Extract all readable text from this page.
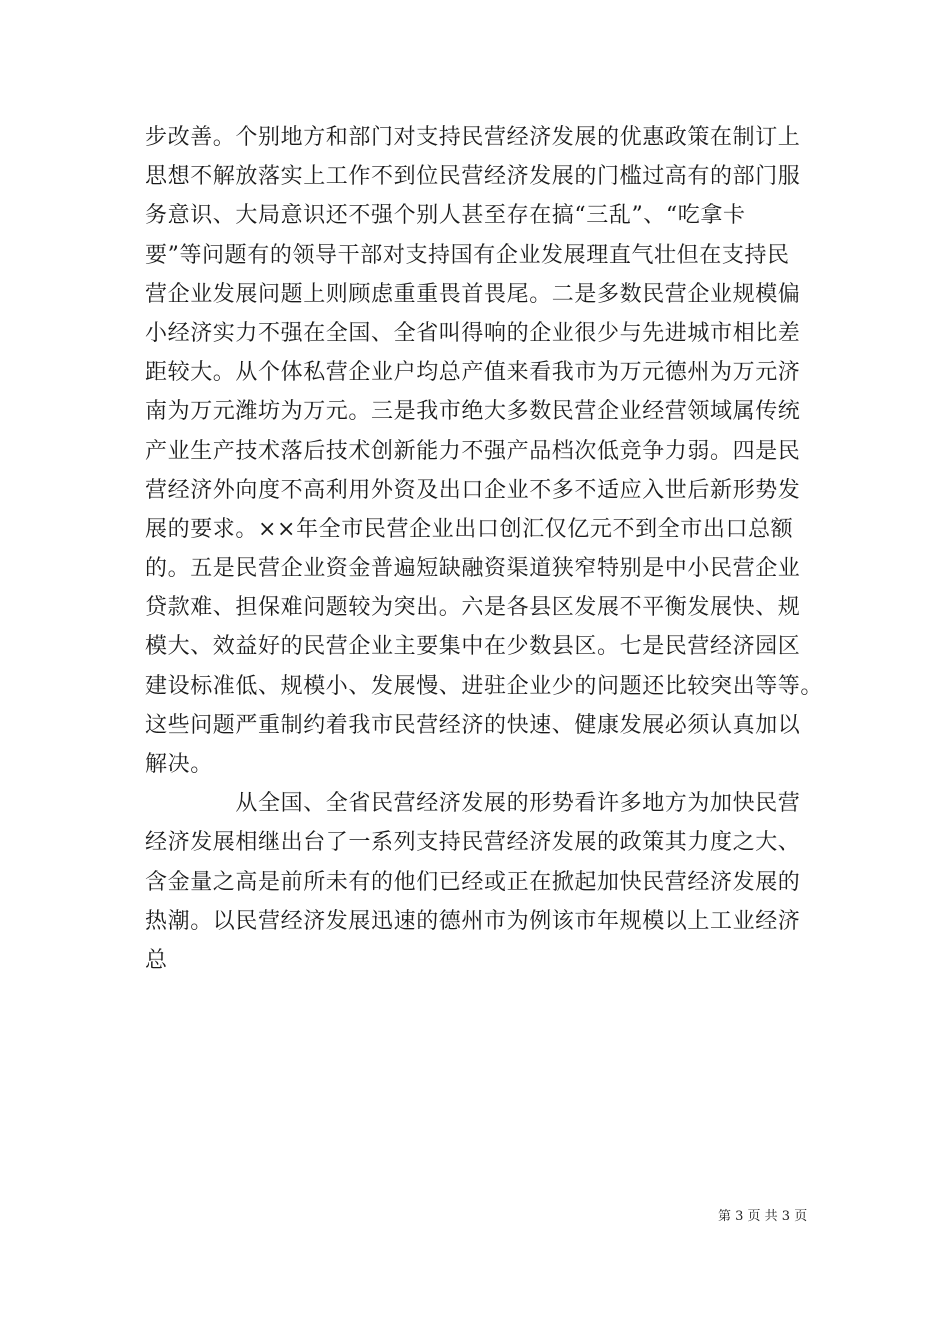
步改善。个别地方和部门对支持民营经济发展的优惠政策在制订上
思想不解放落实上工作不到位民营经济发展的门槛过高有的部门服
务意识、大局意识还不强个别人甚至存在搞“三乱”、“吃拿卡
要”等问题有的领导干部对支持国有企业发展理直气壮但在支持民
营企业发展问题上则顾虑重重畏首畏尾。二是多数民营企业规模偏
小经济实力不强在全国、全省叫得响的企业很少与先进城市相比差
距较大。从个体私营企业户均总产值来看我市为万元德州为万元济
南为万元潍坊为万元。三是我市绝大多数民营企业经营领域属传统
产业生产技术落后技术创新能力不强产品档次低竞争力弱。四是民
营经济外向度不高利用外资及出口企业不多不适应入世后新形势发
展的要求。××年全市民营企业出口创汇仅亿元不到全市出口总额
的。五是民营企业资金普遍短缺融资渠道狭窄特别是中小民营企业
贷款难、担保难问题较为突出。六是各县区发展不平衡发展快、规
模大、效益好的民营企业主要集中在少数县区。七是民营经济园区
建设标准低、规模小、发展慢、进驻企业少的问题还比较突出等等。
这些问题严重制约着我市民营经济的快速、健康发展必须认真加以
解决。
　　　　从全国、全省民营经济发展的形势看许多地方为加快民营
经济发展相继出台了一系列支持民营经济发展的政策其力度之大、
含金量之高是前所未有的他们已经或正在掀起加快民营经济发展的
热潮。以民营经济发展迅速的德州市为例该市年规模以上工业经济
总
第 3 页 共 3 页
